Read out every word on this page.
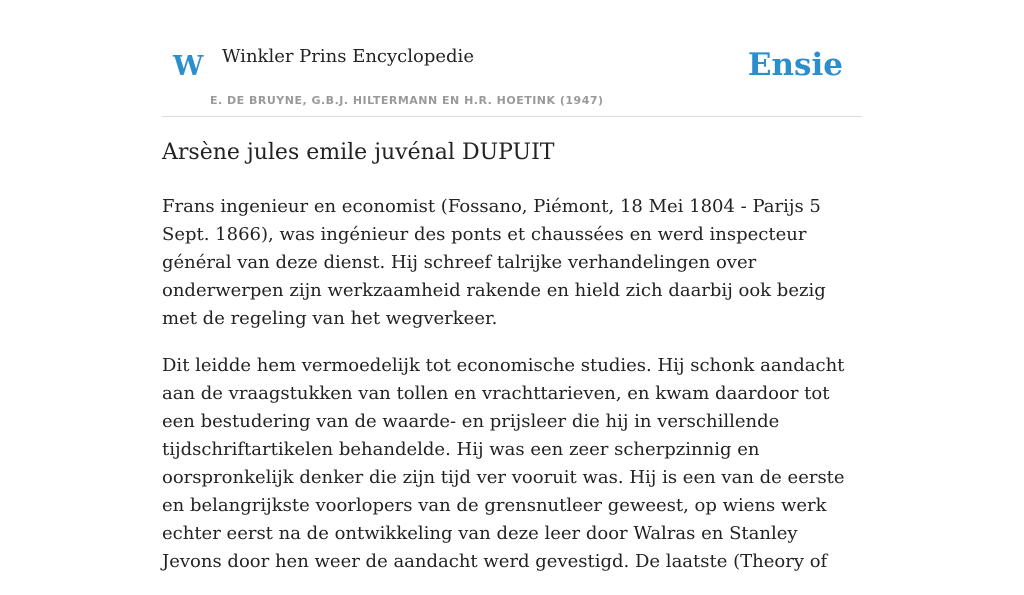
W Winkler Prins Encyclopedie
E. DE BRUYNE, G.B.J. HILTERMANN EN H.R. HOETINK (1947)
Ensie
Arsène jules emile juvénal DUPUIT

Frans ingenieur en economist (Fossano, Piémont, 18 Mei 1804 - Parijs 5 Sept. 1866), was ingénieur des ponts et chaussées en werd inspecteur général van deze dienst. Hij schreef talrijke verhandelingen over onderwerpen zijn werkzaamheid rakende en hield zich daarbij ook bezig met de regeling van het wegverkeer.

Dit leidde hem vermoedelijk tot economische studies. Hij schonk aandacht aan de vraagstukken van tollen en vrachttarieven, en kwam daardoor tot een bestudering van de waarde- en prijsleer die hij in verschillende tijdschriftartikelen behandelde. Hij was een zeer scherpzinnig en oorspronkelijk denker die zijn tijd ver vooruit was. Hij is een van de eerste en belangrijkste voorlopers van de grensnutleer geweest, op wiens werk echter eerst na de ontwikkeling van deze leer door Walras en Stanley Jevons door hen weer de aandacht werd gevestigd. De laatste (Theory of
